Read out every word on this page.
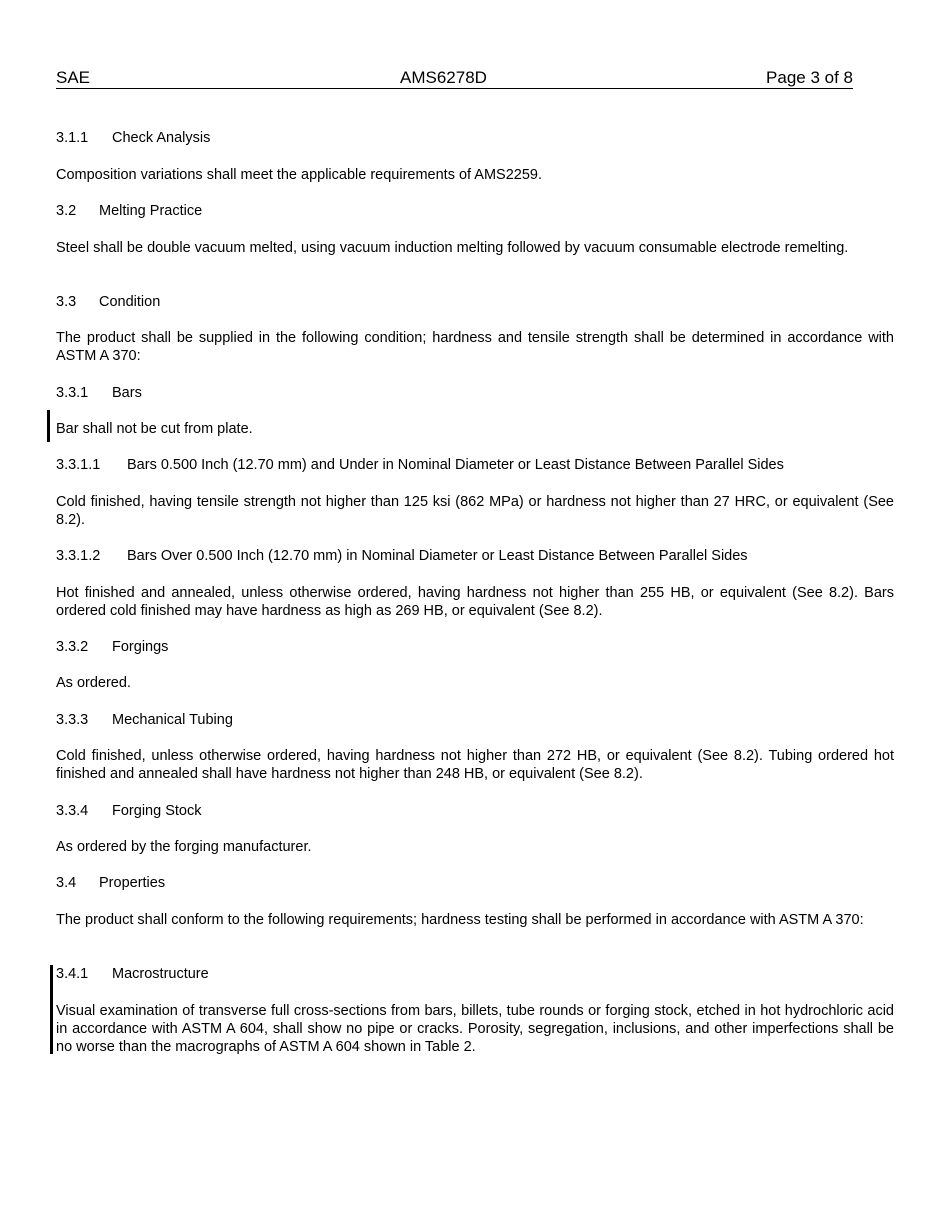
SAE	AMS6278D	Page 3 of 8

3.1.1 Check Analysis

Composition variations shall meet the applicable requirements of AMS2259.

3.2 Melting Practice

Steel shall be double vacuum melted, using vacuum induction melting followed by vacuum consumable electrode remelting.

3.3 Condition

The product shall be supplied in the following condition; hardness and tensile strength shall be determined in accordance with ASTM A 370:

3.3.1 Bars

Bar shall not be cut from plate.

3.3.1.1 Bars 0.500 Inch (12.70 mm) and Under in Nominal Diameter or Least Distance Between Parallel Sides

Cold finished, having tensile strength not higher than 125 ksi (862 MPa) or hardness not higher than 27 HRC, or equivalent (See 8.2).

3.3.1.2 Bars Over 0.500 Inch (12.70 mm) in Nominal Diameter or Least Distance Between Parallel Sides

Hot finished and annealed, unless otherwise ordered, having hardness not higher than 255 HB, or equivalent (See 8.2). Bars ordered cold finished may have hardness as high as 269 HB, or equivalent (See 8.2).

3.3.2 Forgings

As ordered.

3.3.3 Mechanical Tubing

Cold finished, unless otherwise ordered, having hardness not higher than 272 HB, or equivalent (See 8.2). Tubing ordered hot finished and annealed shall have hardness not higher than 248 HB, or equivalent (See 8.2).

3.3.4 Forging Stock

As ordered by the forging manufacturer.

3.4 Properties

The product shall conform to the following requirements; hardness testing shall be performed in accordance with ASTM A 370:

3.4.1 Macrostructure

Visual examination of transverse full cross-sections from bars, billets, tube rounds or forging stock, etched in hot hydrochloric acid in accordance with ASTM A 604, shall show no pipe or cracks. Porosity, segregation, inclusions, and other imperfections shall be no worse than the macrographs of ASTM A 604 shown in Table 2.
